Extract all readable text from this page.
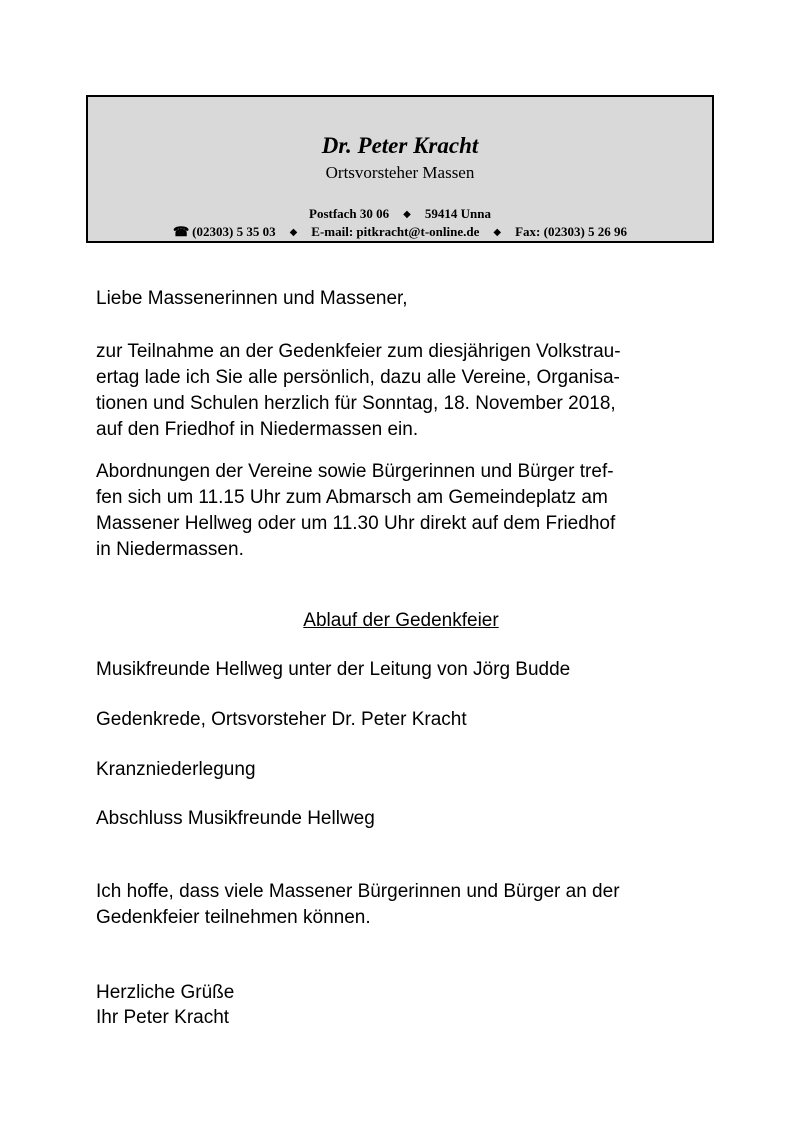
Dr. Peter Kracht
Ortsvorsteher Massen
Postfach 30 06 ◆ 59414 Unna
☎ (02303) 5 35 03 ◆ E-mail: pitkracht@t-online.de ◆ Fax: (02303) 5 26 96

Liebe Massenerinnen und Massener,

zur Teilnahme an der Gedenkfeier zum diesjährigen Volkstrau-
ertag lade ich Sie alle persönlich, dazu alle Vereine, Organisa-
tionen und Schulen herzlich für Sonntag, 18. November 2018,
auf den Friedhof in Niedermassen ein.

Abordnungen der Vereine sowie Bürgerinnen und Bürger tref-
fen sich um 11.15 Uhr zum Abmarsch am Gemeindeplatz am
Massener Hellweg oder um 11.30 Uhr direkt auf dem Friedhof
in Niedermassen.

Ablauf der Gedenkfeier

Musikfreunde Hellweg unter der Leitung von Jörg Budde

Gedenkrede, Ortsvorsteher Dr. Peter Kracht

Kranzniederlegung

Abschluss Musikfreunde Hellweg

Ich hoffe, dass viele Massener Bürgerinnen und Bürger an der
Gedenkfeier teilnehmen können.

Herzliche Grüße

Ihr Peter Kracht
